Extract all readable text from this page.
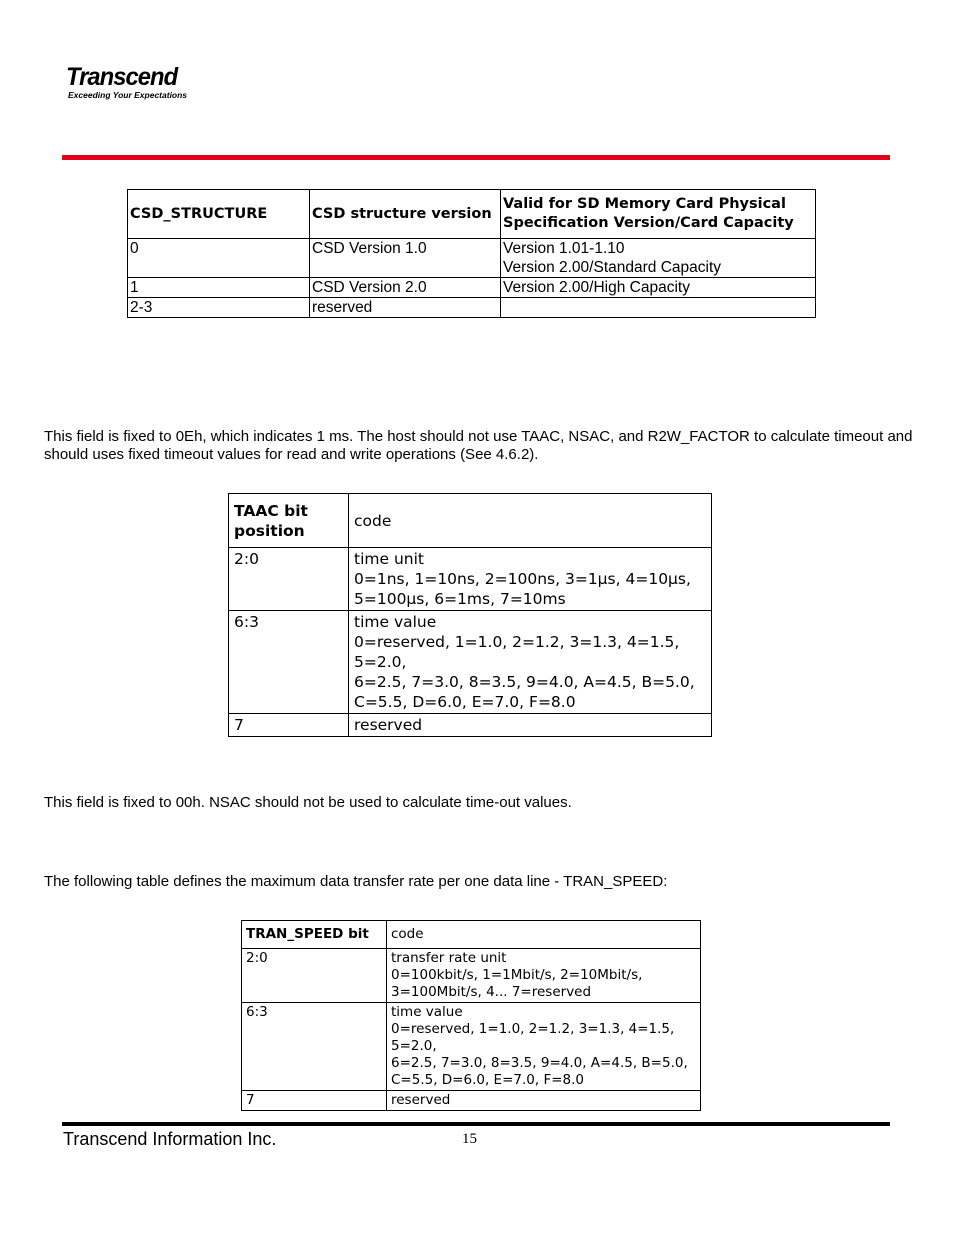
Transcend
Exceeding Your Expectations
CSD_STRUCTURE	CSD structure version	Valid for SD Memory Card Physical Specification Version/Card Capacity
0	CSD Version 1.0	Version 1.01-1.10
Version 2.00/Standard Capacity

1	CSD Version 2.0	Version 2.00/High Capacity
2-3	reserved	
This field is fixed to 0Eh, which indicates 1 ms. The host should not use TAAC, NSAC, and R2W_FACTOR to calculate timeout and should uses fixed timeout values for read and write operations (See 4.6.2).
TAAC bit position	code
2:0	time unit
0=1ns, 1=10ns, 2=100ns, 3=1μs, 4=10μs,
5=100μs, 6=1ms, 7=10ms

6:3	time value
0=reserved, 1=1.0, 2=1.2, 3=1.3, 4=1.5, 5=2.0,
6=2.5, 7=3.0, 8=3.5, 9=4.0, A=4.5, B=5.0,
C=5.5, D=6.0, E=7.0, F=8.0

7	reserved
This field is fixed to 00h. NSAC should not be used to calculate time-out values.
The following table defines the maximum data transfer rate per one data line - TRAN_SPEED:
TRAN_SPEED bit	code
2:0	transfer rate unit
0=100kbit/s, 1=1Mbit/s, 2=10Mbit/s,
3=100Mbit/s, 4... 7=reserved

6:3	time value
0=reserved, 1=1.0, 2=1.2, 3=1.3, 4=1.5, 5=2.0,
6=2.5, 7=3.0, 8=3.5, 9=4.0, A=4.5, B=5.0,
C=5.5, D=6.0, E=7.0, F=8.0

7	reserved
Transcend Information Inc.	15
